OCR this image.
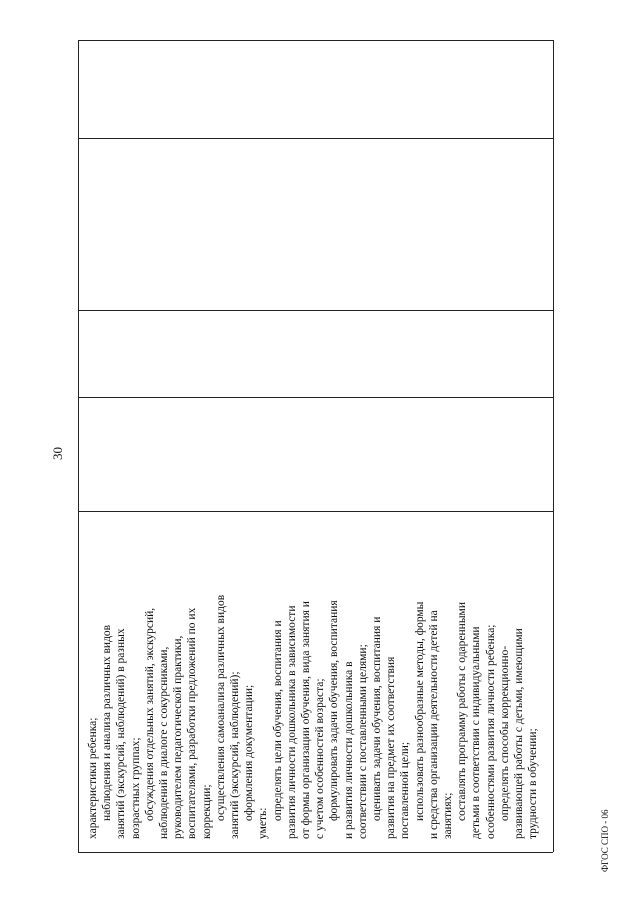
30
характеристики ребенка; наблюдения и анализа различных видов занятий (экскурсий, наблюдений) в разных возрастных группах; обсуждения отдельных занятий, экскурсий, наблюдений в диалоге с сокурсниками, руководителем педагогической практики, воспитателями, разработки предложений по их коррекции; осуществления самоанализа различных видов занятий (экскурсий, наблюдений); оформления документации;
уметь:
определять цели обучения, воспитания и развития личности дошкольника в зависимости от формы организации обучения, вида занятия и с учетом особенностей возраста; формулировать задачи обучения, воспитания и развития личности дошкольника в соответствии с поставленными целями; оценивать задачи обучения, воспитания и развития на предмет их соответствия поставленной цели; использовать разнообразные методы, формы и средства организации деятельности детей на занятиях; составлять программу работы с одаренными детьми в соответствии с индивидуальными особенностями развития личности ребенка; определять способы коррекционно- развивающей работы с детьми, имеющими трудности в обучении;
ФГОС СПО - 06
